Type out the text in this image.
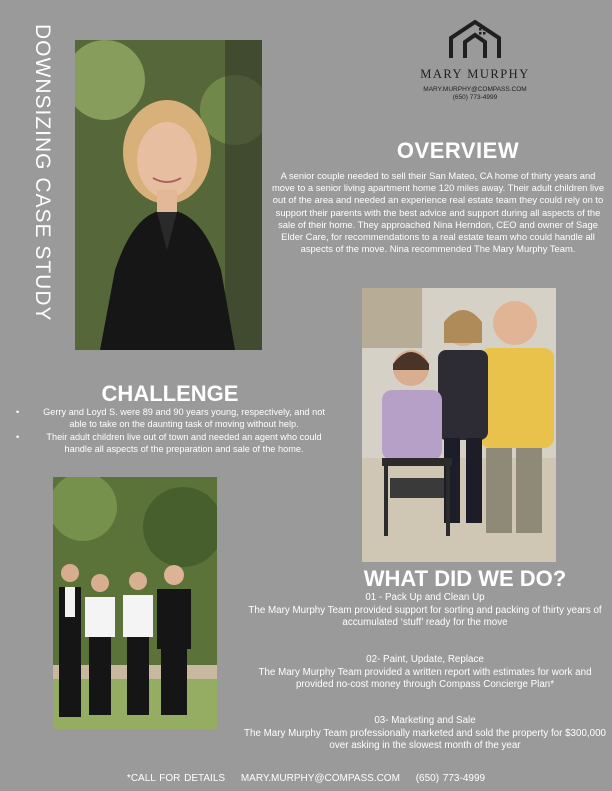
DOWNSIZING CASE STUDY	MARY MURPHY
MARY.MURPHY@COMPASS.COM
(650) 773-4999
OVERVIEW
A senior couple needed to sell their San Mateo, CA home of thirty years and move to a senior living apartment home 120 miles away. Their adult children live out of the area and needed an experience real estate team they could rely on to support their parents with the best advice and support during all aspects of the sale of their home. They approached Nina Herndon, CEO and owner of Sage Elder Care, for recommendations to a real estate team who could handle all aspects of the move. Nina recommended The Mary Murphy Team.
CHALLENGE
• Gerry and Loyd S. were 89 and 90 years young, respectively, and not able to take on the daunting task of moving without help.
• Their adult children live out of town and needed an agent who could handle all aspects of the preparation and sale of the home.
WHAT DID WE DO?
01 - Pack Up and Clean Up
The Mary Murphy Team provided support for sorting and packing of thirty years of accumulated ‘stuff’ ready for the move
02- Paint, Update, Replace
The Mary Murphy Team provided a written report with estimates for work and provided no-cost money through Compass Concierge Plan*
03- Marketing and Sale
The Mary Murphy Team professionally marketed and sold the property for $300,000 over asking in the slowest month of the year
*CALL FOR DETAILS MARY.MURPHY@COMPASS.COM (650) 773-4999
